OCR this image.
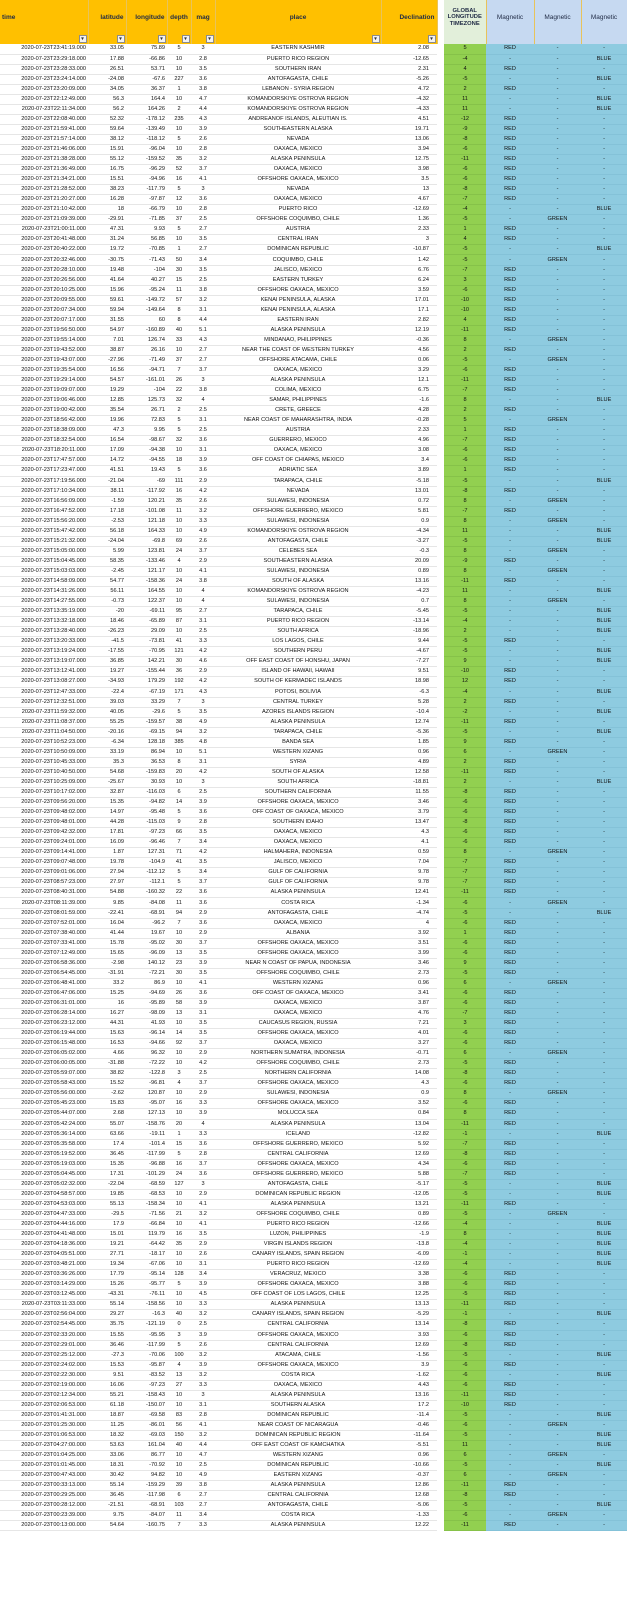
time	latitude	longitude	depth	mag	place	Declination		GLOBAL LONGITUDE TIMEZONE	Magnetic	Magnetic	Magnetic

▾	▾	▾	▾	▾	▾	▾					

2020-07-23T23:41:19.000	33.05	75.89	5	3	EASTERN KASHMIR	2.08		5	RED	-	-
2020-07-23T23:29:18.000	17.88	-66.86	10	2.8	PUERTO RICO REGION	-12.65		-4	-	-	BLUE
2020-07-23T23:28:33.000	26.51	53.71	10	3.5	SOUTHERN IRAN	2.31		4	RED	-	-
2020-07-23T23:24:14.000	-24.08	-67.6	227	3.6	ANTOFAGASTA, CHILE	-5.26		-5	-	-	BLUE
2020-07-23T23:20:09.000	34.05	36.37	1	3.8	LEBANON - SYRIA REGION	4.72		2	RED	-	-
2020-07-23T22:12:49.000	56.3	164.4	10	4.7	KOMANDORSKIYE OSTROVA REGION	-4.32		11	-	-	BLUE
2020-07-23T22:11:34.000	56.2	164.26	2	4.4	KOMANDORSKIYE OSTROVA REGION	-4.33		11	-	-	BLUE
2020-07-23T22:08:40.000	52.32	-178.12	235	4.3	ANDREANOF ISLANDS, ALEUTIAN IS.	4.51		-12	RED	-	-
2020-07-23T21:59:41.000	59.64	-139.49	10	3.9	SOUTHEASTERN ALASKA	19.71		-9	RED	-	-
2020-07-23T21:57:14.000	38.12	-118.12	5	2.6	NEVADA	13.06		-8	RED	-	-
2020-07-23T21:46:06.000	15.91	-96.04	10	2.8	OAXACA, MEXICO	3.94		-6	RED	-	-
2020-07-23T21:38:28.000	55.12	-159.52	35	3.2	ALASKA PENINSULA	12.75		-11	RED	-	-
2020-07-23T21:36:49.000	16.75	-96.29	52	3.7	OAXACA, MEXICO	3.98		-6	RED	-	-
2020-07-23T21:34:21.000	15.51	-94.96	16	4.1	OFFSHORE OAXACA, MEXICO	3.5		-6	RED	-	-
2020-07-23T21:28:52.000	38.23	-117.79	5	3	NEVADA	13		-8	RED	-	-
2020-07-23T21:20:27.000	16.28	-97.87	12	3.6	OAXACA, MEXICO	4.67		-7	RED	-	-
2020-07-23T21:10:42.000	18	-66.79	10	2.8	PUERTO RICO	-12.69		-4	-	-	BLUE
2020-07-23T21:09:39.000	-29.91	-71.85	37	2.5	OFFSHORE COQUIMBO, CHILE	1.36		-5	-	GREEN	-
2020-07-23T21:00:11.000	47.31	9.93	5	2.7	AUSTRIA	2.33		1	RED	-	-
2020-07-23T20:41:48.000	31.24	56.85	10	3.5	CENTRAL IRAN	3		4	RED	-	-
2020-07-23T20:40:22.000	19.72	-70.85	1	2.7	DOMINICAN REPUBLIC	-10.87		-5	-	-	BLUE
2020-07-23T20:32:46.000	-30.75	-71.43	50	3.4	COQUIMBO, CHILE	1.42		-5	-	GREEN	-
2020-07-23T20:28:10.000	19.48	-104	30	3.5	JALISCO, MEXICO	6.76		-7	RED	-	-
2020-07-23T20:26:56.000	41.64	40.27	15	2.5	EASTERN TURKEY	6.24		3	RED	-	-
2020-07-23T20:10:25.000	15.96	-95.24	11	3.8	OFFSHORE OAXACA, MEXICO	3.59		-6	RED	-	-
2020-07-23T20:09:55.000	59.61	-149.72	57	3.2	KENAI PENINSULA, ALASKA	17.01		-10	RED	-	-
2020-07-23T20:07:34.000	59.94	-149.64	8	3.1	KENAI PENINSULA, ALASKA	17.1		-10	RED	-	-
2020-07-23T20:07:17.000	31.55	60	8	4.4	EASTERN IRAN	2.82		4	RED	-	-
2020-07-23T19:56:50.000	54.97	-160.89	40	5.1	ALASKA PENINSULA	12.19		-11	RED	-	-
2020-07-23T19:55:14.000	7.01	126.74	33	4.3	MINDANAO, PHILIPPINES	-0.36		8	-	GREEN	-
2020-07-23T19:43:52.000	38.87	26.16	10	2.7	NEAR THE COAST OF WESTERN TURKEY	4.56		2	RED	-	-
2020-07-23T19:43:07.000	-27.96	-71.49	37	2.7	OFFSHORE ATACAMA, CHILE	0.06		-5	-	GREEN	-
2020-07-23T19:35:54.000	16.56	-94.71	7	3.7	OAXACA, MEXICO	3.29		-6	RED	-	-
2020-07-23T19:29:14.000	54.57	-161.01	26	3	ALASKA PENINSULA	12.1		-11	RED	-	-
2020-07-23T19:09:07.000	19.29	-104	22	3.8	COLIMA, MEXICO	6.75		-7	RED	-	-
2020-07-23T19:06:46.000	12.85	125.73	32	4	SAMAR, PHILIPPINES	-1.6		8	-	-	BLUE
2020-07-23T19:00:42.000	35.54	26.71	2	2.5	CRETE, GREECE	4.28		2	RED	-	-
2020-07-23T18:56:42.000	19.96	72.83	5	3.1	NEAR COAST OF MAHARASHTRA, INDIA	-0.28		5	-	GREEN	-
2020-07-23T18:38:09.000	47.3	9.95	5	2.5	AUSTRIA	2.33		1	RED	-	-
2020-07-23T18:32:54.000	16.54	-98.67	32	3.6	GUERRERO, MEXICO	4.96		-7	RED	-	-
2020-07-23T18:20:11.000	17.09	-94.38	10	3.1	OAXACA, MEXICO	3.08		-6	RED	-	-
2020-07-23T17:47:57.000	14.72	-94.55	18	3.9	OFF COAST OF CHIAPAS, MEXICO	3.4		-6	RED	-	-
2020-07-23T17:23:47.000	41.51	19.43	5	3.6	ADRIATIC SEA	3.89		1	RED	-	-
2020-07-23T17:19:56.000	-21.04	-69	111	2.9	TARAPACA, CHILE	-5.18		-5	-	-	BLUE
2020-07-23T17:10:34.000	38.11	-117.92	16	4.2	NEVADA	13.01		-8	RED	-	-
2020-07-23T16:56:09.000	-1.59	120.21	35	2.6	SULAWESI, INDONESIA	0.72		8	-	GREEN	-
2020-07-23T16:47:52.000	17.18	-101.08	11	3.2	OFFSHORE GUERRERO, MEXICO	5.81		-7	RED	-	-
2020-07-23T15:56:20.000	-2.53	121.18	10	3.3	SULAWESI, INDONESIA	0.9		8	-	GREEN	-
2020-07-23T15:47:42.000	56.18	164.33	10	4.9	KOMANDORSKIYE OSTROVA REGION	-4.34		11	-	-	BLUE
2020-07-23T15:21:32.000	-24.04	-69.8	69	2.6	ANTOFAGASTA, CHILE	-3.27		-5	-	-	BLUE
2020-07-23T15:05:00.000	5.99	123.81	24	3.7	CELEBES SEA	-0.3		8	-	GREEN	-
2020-07-23T15:04:45.000	58.35	-133.46	4	2.9	SOUTHEASTERN ALASKA	20.09		-9	RED	-	-
2020-07-23T15:03:03.000	-2.45	121.17	10	4.1	SULAWESI, INDONESIA	0.89		8	-	GREEN	-
2020-07-23T14:58:09.000	54.77	-158.36	24	3.8	SOUTH OF ALASKA	13.16		-11	RED	-	-
2020-07-23T14:31:26.000	56.11	164.55	10	4	KOMANDORSKIYE OSTROVA REGION	-4.23		11	-	-	BLUE
2020-07-23T14:27:55.000	-0.73	122.37	10	4	SULAWESI, INDONESIA	0.7		8	-	GREEN	-
2020-07-23T13:35:19.000	-20	-69.11	95	2.7	TARAPACA, CHILE	-5.45		-5	-	-	BLUE
2020-07-23T13:32:18.000	18.46	-65.89	87	3.1	PUERTO RICO REGION	-13.14		-4	-	-	BLUE
2020-07-23T13:28:40.000	-26.23	29.09	10	2.5	SOUTH AFRICA	-18.96		2	-	-	BLUE
2020-07-23T13:20:33.000	-41.5	-73.81	41	3.3	LOS LAGOS, CHILE	9.44		-5	RED	-	-
2020-07-23T13:19:24.000	-17.55	-70.95	121	4.2	SOUTHERN PERU	-4.67		-5	-	-	BLUE
2020-07-23T13:19:07.000	36.85	142.21	30	4.6	OFF EAST COAST OF HONSHU, JAPAN	-7.27		9	-	-	BLUE
2020-07-23T13:12:41.000	19.27	-155.44	36	2.9	ISLAND OF HAWAII, HAWAII	9.51		-10	RED	-	-
2020-07-23T13:08:27.000	-34.93	179.29	192	4.2	SOUTH OF KERMADEC ISLANDS	18.98		12	RED	-	-
2020-07-23T12:47:33.000	-22.4	-67.19	171	4.3	POTOSI, BOLIVIA	-6.3		-4	-	-	BLUE
2020-07-23T12:32:51.000	39.03	33.29	7	3	CENTRAL TURKEY	5.28		2	RED	-	-
2020-07-23T11:59:32.000	40.05	-29.6	5	3.5	AZORES ISLANDS REGION	-10.4		-2	-	-	BLUE
2020-07-23T11:08:37.000	55.25	-159.57	38	4.9	ALASKA PENINSULA	12.74		-11	RED	-	-
2020-07-23T11:04:50.000	-20.16	-69.15	94	3.2	TARAPACA, CHILE	-5.36		-5	-	-	BLUE
2020-07-23T10:52:23.000	-6.34	128.18	385	4.8	BANDA SEA	1.85		9	RED	-	-
2020-07-23T10:50:09.000	33.19	86.94	10	5.1	WESTERN XIZANG	0.96		6	-	GREEN	-
2020-07-23T10:45:33.000	35.3	36.53	8	3.1	SYRIA	4.89		2	RED	-	-
2020-07-23T10:40:50.000	54.68	-159.83	20	4.2	SOUTH OF ALASKA	12.58		-11	RED	-	-
2020-07-23T10:25:09.000	-25.67	30.93	10	3	SOUTH AFRICA	-18.81		2	-	-	BLUE
2020-07-23T10:17:02.000	32.87	-116.03	6	2.5	SOUTHERN CALIFORNIA	11.55		-8	RED	-	-
2020-07-23T09:56:20.000	15.35	-94.82	14	3.9	OFFSHORE OAXACA, MEXICO	3.46		-6	RED	-	-
2020-07-23T09:48:02.000	14.97	-95.48	5	3.6	OFF COAST OF OAXACA, MEXICO	3.79		-6	RED	-	-
2020-07-23T09:48:01.000	44.28	-115.03	9	2.8	SOUTHERN IDAHO	13.47		-8	RED	-	-
2020-07-23T09:42:32.000	17.81	-97.23	66	3.5	OAXACA, MEXICO	4.3		-6	RED	-	-
2020-07-23T09:24:01.000	16.09	-96.46	7	3.4	OAXACA, MEXICO	4.1		-6	RED	-	-
2020-07-23T09:14:41.000	1.87	127.31	71	4.2	HALMAHERA, INDONESIA	0.59		8	-	GREEN	-
2020-07-23T09:07:48.000	19.78	-104.9	41	3.5	JALISCO, MEXICO	7.04		-7	RED	-	-
2020-07-23T09:01:06.000	27.94	-112.12	5	3.4	GULF OF CALIFORNIA	9.78		-7	RED	-	-
2020-07-23T08:57:23.000	27.97	-112.1	5	3.7	GULF OF CALIFORNIA	9.78		-7	RED	-	-
2020-07-23T08:40:31.000	54.88	-160.32	22	3.6	ALASKA PENINSULA	12.41		-11	RED	-	-
2020-07-23T08:11:39.000	9.85	-84.08	11	3.6	COSTA RICA	-1.34		-6	-	GREEN	-
2020-07-23T08:01:59.000	-22.41	-68.91	94	2.9	ANTOFAGASTA, CHILE	-4.74		-5	-	-	BLUE
2020-07-23T07:52:01.000	16.04	-96.2	7	3.6	OAXACA, MEXICO	4		-6	RED	-	-
2020-07-23T07:38:40.000	41.44	19.67	10	2.9	ALBANIA	3.92		1	RED	-	-
2020-07-23T07:33:41.000	15.78	-95.02	30	3.7	OFFSHORE OAXACA, MEXICO	3.51		-6	RED	-	-
2020-07-23T07:12:49.000	15.65	-96.09	13	3.5	OFFSHORE OAXACA, MEXICO	3.99		-6	RED	-	-
2020-07-23T06:58:36.000	-2.98	140.12	23	3.9	NEAR N COAST OF PAPUA, INDONESIA	3.46		9	RED	-	-
2020-07-23T06:54:45.000	-31.91	-72.21	30	3.5	OFFSHORE COQUIMBO, CHILE	2.73		-5	RED	-	-
2020-07-23T06:48:41.000	33.2	86.9	10	4.1	WESTERN XIZANG	0.96		6	-	GREEN	-
2020-07-23T06:47:06.000	15.25	-94.69	26	3.6	OFF COAST OF OAXACA, MEXICO	3.41		-6	RED	-	-
2020-07-23T06:31:01.000	16	-95.89	58	3.9	OAXACA, MEXICO	3.87		-6	RED	-	-
2020-07-23T06:28:14.000	16.27	-98.09	13	3.1	OAXACA, MEXICO	4.76		-7	RED	-	-
2020-07-23T06:23:12.000	44.31	41.93	10	3.5	CAUCASUS REGION, RUSSIA	7.21		3	RED	-	-
2020-07-23T06:19:44.000	15.63	-96.14	14	3.5	OFFSHORE OAXACA, MEXICO	4.01		-6	RED	-	-
2020-07-23T06:15:48.000	16.53	-94.66	92	3.7	OAXACA, MEXICO	3.27		-6	RED	-	-
2020-07-23T06:05:02.000	4.66	96.32	10	2.9	NORTHERN SUMATRA, INDONESIA	-0.71		6	-	GREEN	-
2020-07-23T06:00:05.000	-31.88	-72.22	10	4.2	OFFSHORE COQUIMBO, CHILE	2.73		-5	RED	-	-
2020-07-23T05:59:07.000	38.82	-122.8	3	2.5	NORTHERN CALIFORNIA	14.08		-8	RED	-	-
2020-07-23T05:58:43.000	15.52	-96.81	4	3.7	OFFSHORE OAXACA, MEXICO	4.3		-6	RED	-	-
2020-07-23T05:56:00.000	-2.62	120.87	10	2.9	SULAWESI, INDONESIA	0.9		8	-	GREEN	-
2020-07-23T05:45:23.000	15.83	-95.07	16	3.3	OFFSHORE OAXACA, MEXICO	3.52		-6	RED	-	-
2020-07-23T05:44:07.000	2.68	127.13	10	3.9	MOLUCCA SEA	0.84		8	RED	-	-
2020-07-23T05:42:24.000	55.07	-158.76	20	4	ALASKA PENINSULA	13.04		-11	RED	-	-
2020-07-23T05:36:14.000	63.66	-19.11	1	3.3	ICELAND	-12.82		-1	-	-	BLUE
2020-07-23T05:35:58.000	17.4	-101.4	15	3.6	OFFSHORE GUERRERO, MEXICO	5.92		-7	RED	-	-
2020-07-23T05:19:52.000	36.45	-117.99	5	2.8	CENTRAL CALIFORNIA	12.69		-8	RED	-	-
2020-07-23T05:19:03.000	15.35	-96.88	16	3.7	OFFSHORE OAXACA, MEXICO	4.34		-6	RED	-	-
2020-07-23T05:04:45.000	17.31	-101.29	24	3.6	OFFSHORE GUERRERO, MEXICO	5.88		-7	RED	-	-
2020-07-23T05:02:32.000	-22.04	-68.59	127	3	ANTOFAGASTA, CHILE	-5.17		-5	-	-	BLUE
2020-07-23T04:58:57.000	19.85	-68.53	10	2.9	DOMINICAN REPUBLIC REGION	-12.05		-5	-	-	BLUE
2020-07-23T04:53:03.000	55.13	-158.34	10	4.1	ALASKA PENINSULA	13.21		-11	RED	-	-
2020-07-23T04:47:33.000	-29.5	-71.56	21	3.2	OFFSHORE COQUIMBO, CHILE	0.89		-5	-	GREEN	-
2020-07-23T04:44:16.000	17.9	-66.84	10	4.1	PUERTO RICO REGION	-12.66		-4	-	-	BLUE
2020-07-23T04:41:48.000	15.01	119.79	16	3.5	LUZON, PHILIPPINES	-1.9		8	-	-	BLUE
2020-07-23T04:18:36.000	19.21	-64.42	35	2.9	VIRGIN ISLANDS REGION	-13.8		-4	-	-	BLUE
2020-07-23T04:05:51.000	27.71	-18.17	10	2.6	CANARY ISLANDS, SPAIN REGION	-6.09		-1	-	-	BLUE
2020-07-23T03:48:21.000	19.34	-67.06	10	3.1	PUERTO RICO REGION	-12.69		-4	-	-	BLUE
2020-07-23T03:36:26.000	17.79	-95.14	128	3.4	VERACRUZ, MEXICO	3.38		-6	RED	-	-
2020-07-23T03:14:29.000	15.26	-95.77	5	3.9	OFFSHORE OAXACA, MEXICO	3.88		-6	RED	-	-
2020-07-23T03:12:45.000	-43.31	-76.11	10	4.5	OFF COAST OF LOS LAGOS, CHILE	12.25		-5	RED	-	-
2020-07-23T03:11:33.000	55.14	-158.56	10	3.3	ALASKA PENINSULA	13.13		-11	RED	-	-
2020-07-23T02:56:04.000	29.27	-16.3	40	3.2	CANARY ISLANDS, SPAIN REGION	-5.29		-1	-	-	BLUE
2020-07-23T02:54:45.000	35.75	-121.19	0	2.5	CENTRAL CALIFORNIA	13.14		-8	RED	-	-
2020-07-23T02:33:20.000	15.55	-95.95	3	3.9	OFFSHORE OAXACA, MEXICO	3.93		-6	RED	-	-
2020-07-23T02:29:01.000	36.46	-117.99	5	2.6	CENTRAL CALIFORNIA	12.69		-8	RED	-	-
2020-07-23T02:25:12.000	-27.3	-70.06	100	3.2	ATACAMA, CHILE	-1.56		-5	-	-	BLUE
2020-07-23T02:24:02.000	15.53	-95.87	4	3.9	OFFSHORE OAXACA, MEXICO	3.9		-6	RED	-	-
2020-07-23T02:22:30.000	9.51	-83.52	13	3.2	COSTA RICA	-1.62		-6	-	-	BLUE
2020-07-23T02:19:00.000	16.06	-97.23	27	3.3	OAXACA, MEXICO	4.43		-6	RED	-	-
2020-07-23T02:12:34.000	55.21	-158.43	10	3	ALASKA PENINSULA	13.16		-11	RED	-	-
2020-07-23T02:06:53.000	61.18	-150.07	10	3.1	SOUTHERN ALASKA	17.2		-10	RED	-	-
2020-07-23T01:41:31.000	18.87	-69.58	83	2.8	DOMINICAN REPUBLIC	-11.4		-5	-	-	BLUE
2020-07-23T01:25:30.000	11.25	-86.01	56	4.1	NEAR COAST OF NICARAGUA	-0.46		-6	-	GREEN	-
2020-07-23T01:06:53.000	18.32	-69.03	150	3.2	DOMINICAN REPUBLIC REGION	-11.64		-5	-	-	BLUE
2020-07-23T04:27:00.000	53.63	161.04	40	4.4	OFF EAST COAST OF KAMCHATKA	-5.51		11	-	-	BLUE
2020-07-23T01:04:25.000	33.06	86.77	10	4.7	WESTERN XIZANG	0.96		6	-	GREEN	-
2020-07-23T01:01:45.000	18.31	-70.92	10	2.5	DOMINICAN REPUBLIC	-10.66		-5	-	-	BLUE
2020-07-23T00:47:43.000	30.42	94.82	10	4.9	EASTERN XIZANG	-0.37		6	-	GREEN	-
2020-07-23T00:33:13.000	55.14	-159.29	39	3.8	ALASKA PENINSULA	12.86		-11	RED	-	-
2020-07-23T00:29:25.000	36.45	-117.98	6	2.7	CENTRAL CALIFORNIA	12.68		-8	RED	-	-
2020-07-23T00:28:12.000	-21.51	-68.91	103	2.7	ANTOFAGASTA, CHILE	-5.06		-5	-	-	BLUE
2020-07-23T00:23:39.000	9.75	-84.07	11	3.4	COSTA RICA	-1.33		-6	-	GREEN	-
2020-07-23T00:13:00.000	54.64	-160.75	7	3.3	ALASKA PENINSULA	12.22		-11	RED	-	-
